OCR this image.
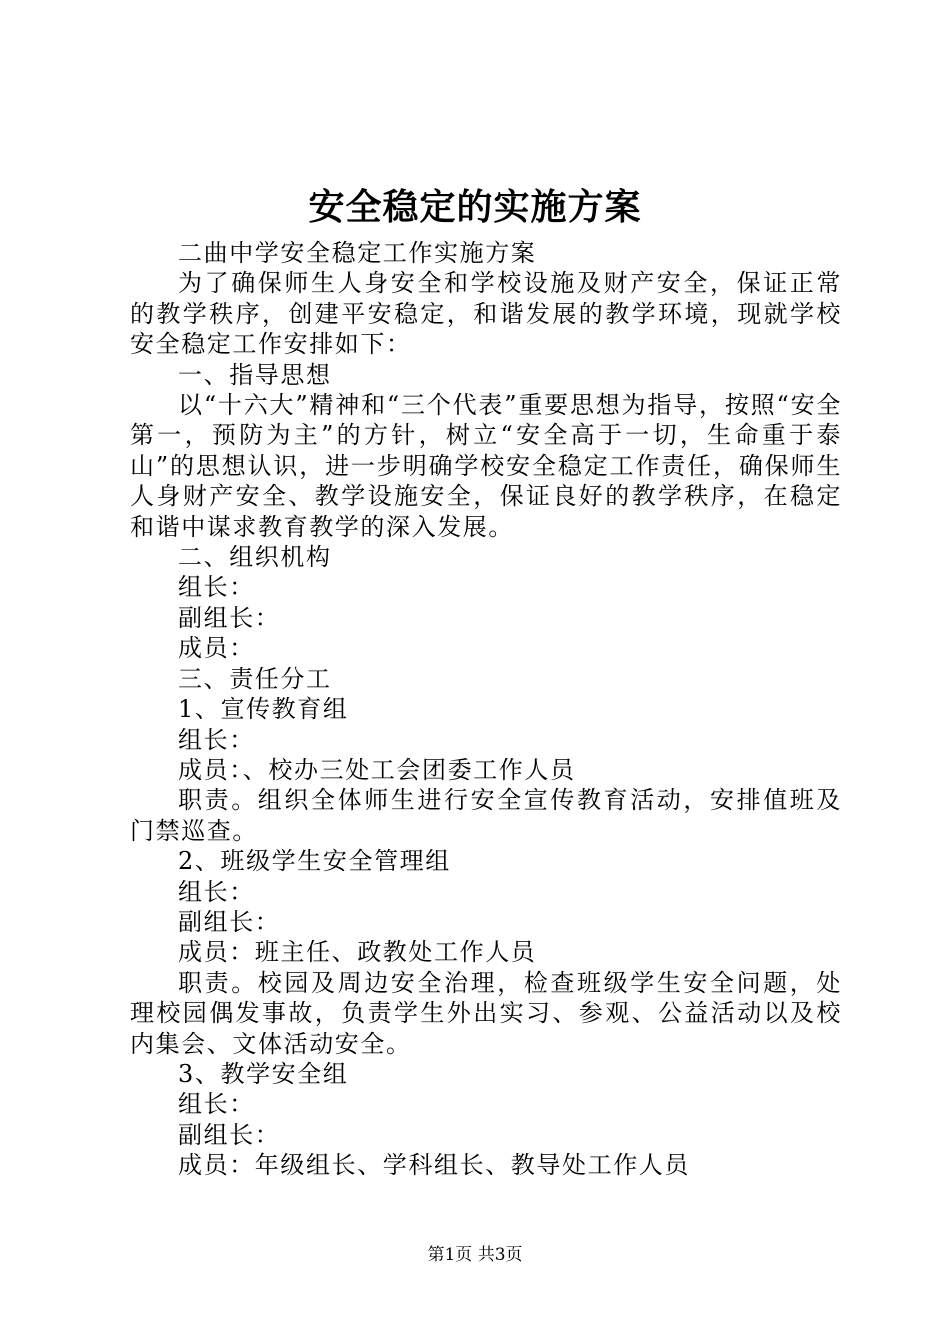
安全稳定的实施方案

二曲中学安全稳定工作实施方案

为了确保师生人身安全和学校设施及财产安全，保证正常的教学秩序，创建平安稳定，和谐发展的教学环境，现就学校安全稳定工作安排如下：

一、指导思想

以“十六大”精神和“三个代表”重要思想为指导，按照“安全第一，预防为主”的方针，树立“安全高于一切，生命重于泰山”的思想认识，进一步明确学校安全稳定工作责任，确保师生人身财产安全、教学设施安全，保证良好的教学秩序，在稳定和谐中谋求教育教学的深入发展。

二、组织机构

组长：

副组长：

成员：

三、责任分工

1、宣传教育组

组长：

成员：、校办三处工会团委工作人员

职责。组织全体师生进行安全宣传教育活动，安排值班及门禁巡查。

2、班级学生安全管理组

组长：

副组长：

成员：班主任、政教处工作人员

职责。校园及周边安全治理，检查班级学生安全问题，处理校园偶发事故，负责学生外出实习、参观、公益活动以及校内集会、文体活动安全。

3、教学安全组

组长：

副组长：

成员：年级组长、学科组长、教导处工作人员

第1页 共3页
